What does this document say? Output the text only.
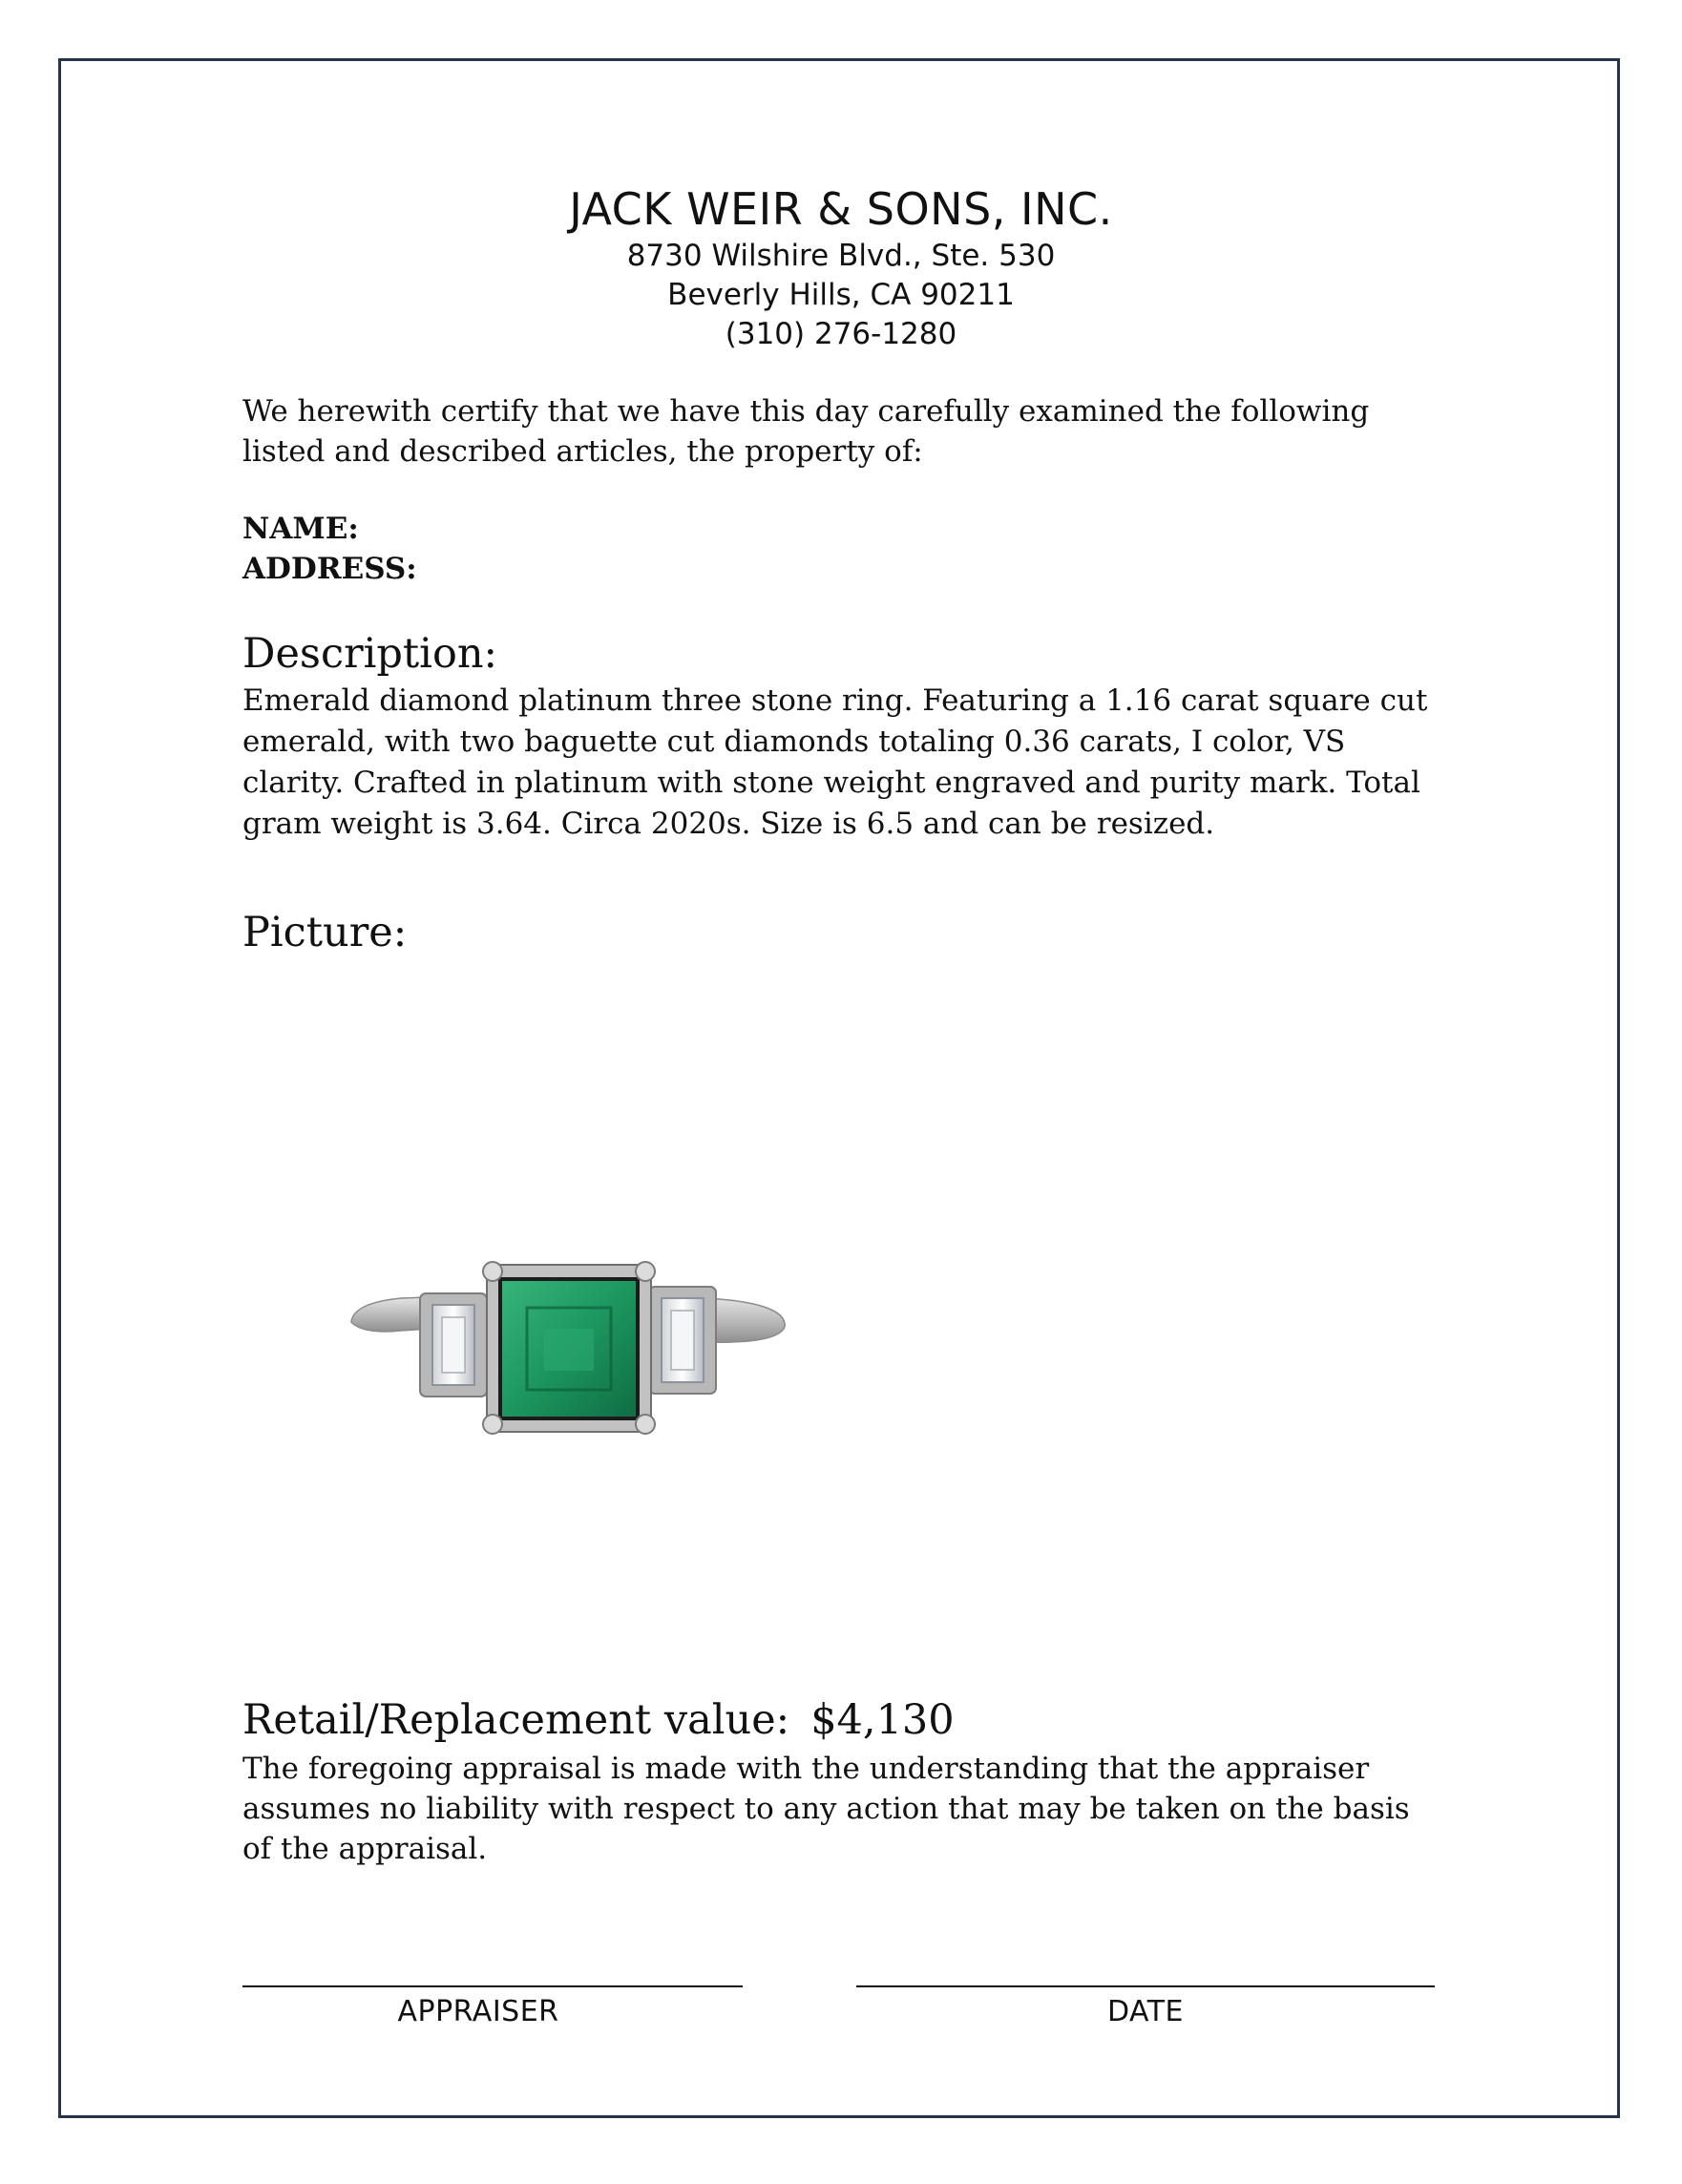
JACK WEIR & SONS, INC.
8730 Wilshire Blvd., Ste. 530
Beverly Hills, CA 90211
(310) 276-1280
We herewith certify that we have this day carefully examined the following listed and described articles, the property of:
NAME:
ADDRESS:
Description:
Emerald diamond platinum three stone ring. Featuring a 1.16 carat square cut emerald, with two baguette cut diamonds totaling 0.36 carats, I color, VS clarity. Crafted in platinum with stone weight engraved and purity mark. Total gram weight is 3.64. Circa 2020s. Size is 6.5 and can be resized.
Picture:
Retail/Replacement value: $4,130
The foregoing appraisal is made with the understanding that the appraiser assumes no liability with respect to any action that may be taken on the basis of the appraisal.
APPRAISER	DATE
